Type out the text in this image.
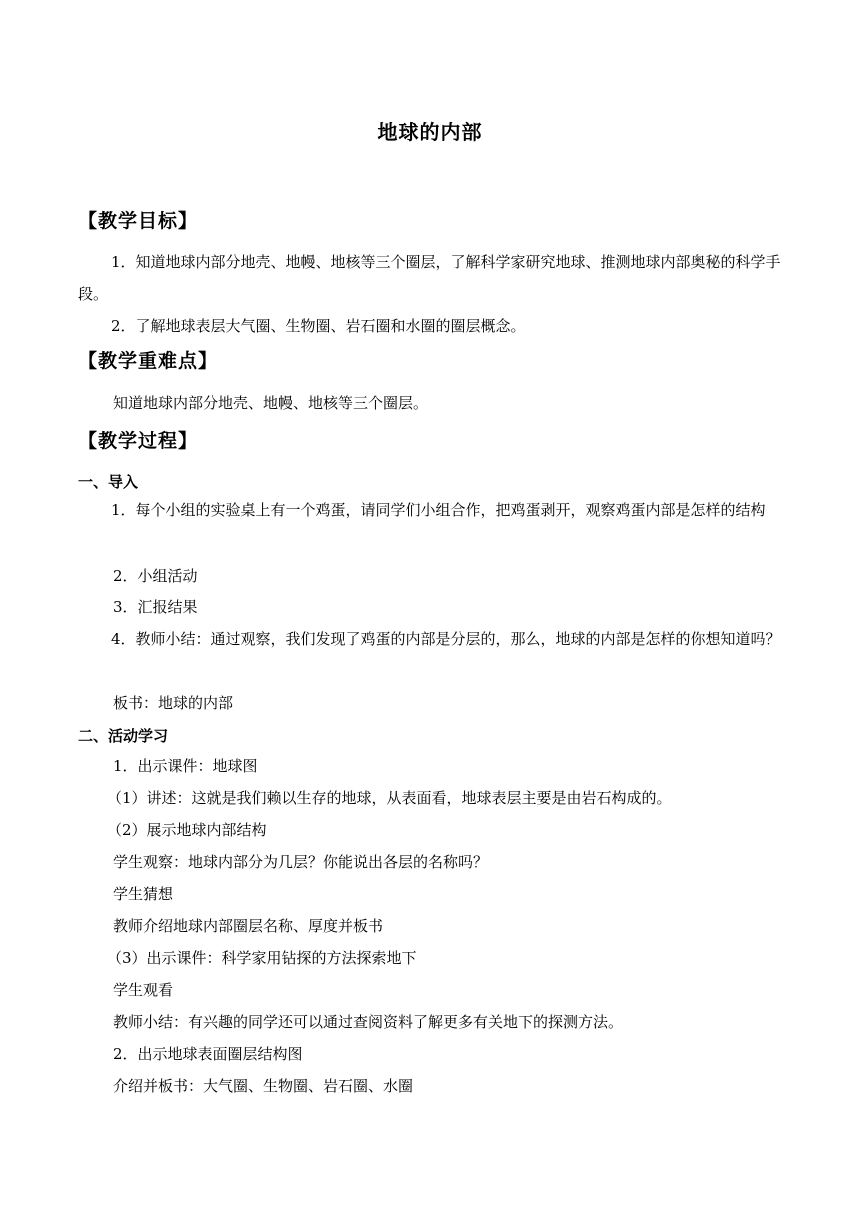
地球的内部
【教学目标】
1．知道地球内部分地壳、地幔、地核等三个圈层，了解科学家研究地球、推测地球内部奥秘的科学手段。
2．了解地球表层大气圈、生物圈、岩石圈和水圈的圈层概念。
【教学重难点】
知道地球内部分地壳、地幔、地核等三个圈层。
【教学过程】
一、导入
1．每个小组的实验桌上有一个鸡蛋，请同学们小组合作，把鸡蛋剥开，观察鸡蛋内部是怎样的结构
2．小组活动
3．汇报结果
4．教师小结：通过观察，我们发现了鸡蛋的内部是分层的，那么，地球的内部是怎样的你想知道吗？
板书：地球的内部
二、活动学习
1．出示课件：地球图
（1）讲述：这就是我们赖以生存的地球，从表面看，地球表层主要是由岩石构成的。
（2）展示地球内部结构
学生观察：地球内部分为几层？你能说出各层的名称吗？
学生猜想
教师介绍地球内部圈层名称、厚度并板书
（3）出示课件：科学家用钻探的方法探索地下
学生观看
教师小结：有兴趣的同学还可以通过查阅资料了解更多有关地下的探测方法。
2．出示地球表面圈层结构图
介绍并板书：大气圈、生物圈、岩石圈、水圈
